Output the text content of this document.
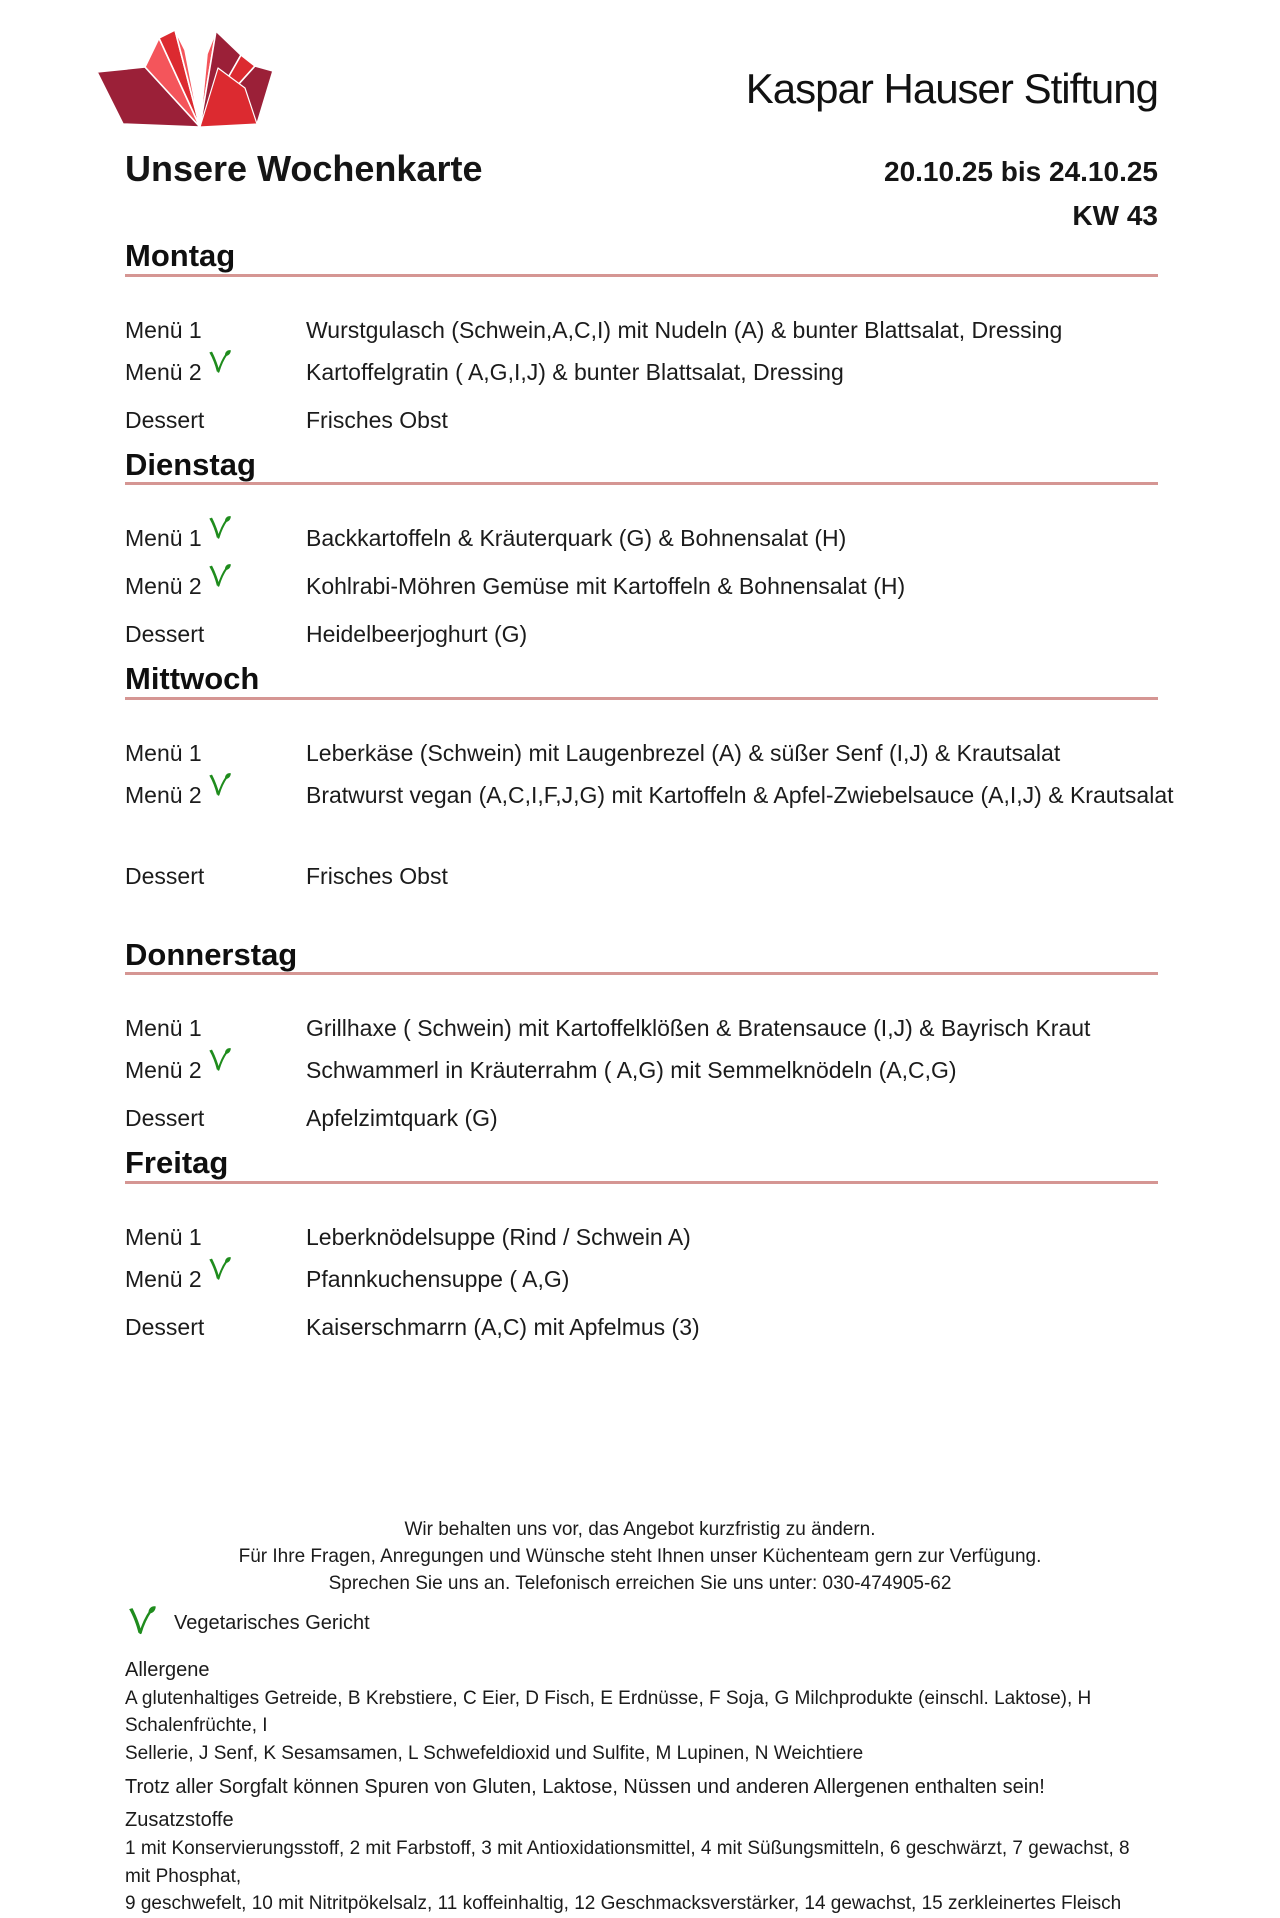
Kaspar Hauser Stiftung
Unsere Wochenkarte	20.10.25 bis 24.10.25
KW 43
Montag
Menü 1	Wurstgulasch (Schwein,A,C,I) mit Nudeln (A) & bunter Blattsalat, Dressing
Menü 2	Kartoffelgratin ( A,G,I,J) & bunter Blattsalat, Dressing
Dessert	Frisches Obst
Dienstag
Menü 1	Backkartoffeln & Kräuterquark (G) & Bohnensalat (H)
Menü 2	Kohlrabi-Möhren Gemüse mit Kartoffeln & Bohnensalat (H)
Dessert	Heidelbeerjoghurt (G)
Mittwoch
Menü 1	Leberkäse (Schwein) mit Laugenbrezel (A) & süßer Senf (I,J) & Krautsalat
Menü 2	Bratwurst vegan (A,C,I,F,J,G) mit Kartoffeln & Apfel-Zwiebelsauce (A,I,J) & Krautsalat
Dessert	Frisches Obst
Donnerstag
Menü 1	Grillhaxe ( Schwein) mit Kartoffelklößen & Bratensauce (I,J) & Bayrisch Kraut
Menü 2	Schwammerl in Kräuterrahm ( A,G) mit Semmelknödeln (A,C,G)
Dessert	Apfelzimtquark (G)
Freitag
Menü 1	Leberknödelsuppe (Rind / Schwein A)
Menü 2	Pfannkuchensuppe ( A,G)
Dessert	Kaiserschmarrn (A,C) mit Apfelmus (3)
Wir behalten uns vor, das Angebot kurzfristig zu ändern.
Für Ihre Fragen, Anregungen und Wünsche steht Ihnen unser Küchenteam gern zur Verfügung.
Sprechen Sie uns an. Telefonisch erreichen Sie uns unter: 030-474905-62
Vegetarisches Gericht
Allergene
A glutenhaltiges Getreide, B Krebstiere, C Eier, D Fisch, E Erdnüsse, F Soja, G Milchprodukte (einschl. Laktose), H Schalenfrüchte, I
Sellerie, J Senf, K Sesamsamen, L Schwefeldioxid und Sulfite, M Lupinen, N Weichtiere
Trotz aller Sorgfalt können Spuren von Gluten, Laktose, Nüssen und anderen Allergenen enthalten sein!
Zusatzstoffe
1 mit Konservierungsstoff, 2 mit Farbstoff, 3 mit Antioxidationsmittel, 4 mit Süßungsmitteln, 6 geschwärzt, 7 gewachst, 8 mit Phosphat,
9 geschwefelt, 10 mit Nitritpökelsalz, 11 koffeinhaltig, 12 Geschmacksverstärker, 14 gewachst, 15 zerkleinertes Fleisch
